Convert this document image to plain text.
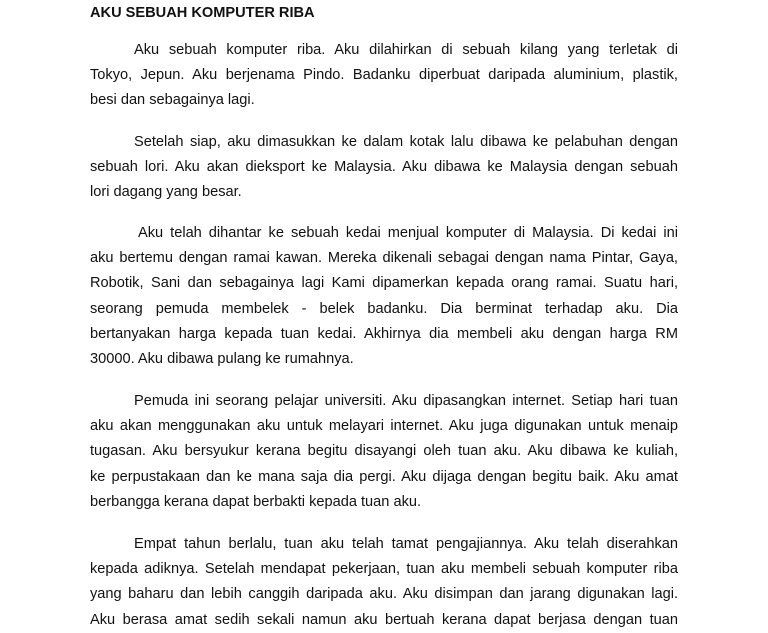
AKU SEBUAH KOMPUTER RIBA

Aku sebuah komputer riba. Aku dilahirkan di sebuah kilang yang terletak di
Tokyo, Jepun. Aku berjenama Pindo. Badanku diperbuat daripada aluminium, plastik,
besi dan sebagainya lagi.

Setelah siap, aku dimasukkan ke dalam kotak lalu dibawa ke pelabuhan dengan
sebuah lori. Aku akan dieksport ke Malaysia. Aku dibawa ke Malaysia dengan sebuah
lori dagang yang besar.

Aku telah dihantar ke sebuah kedai menjual komputer di Malaysia. Di kedai ini
aku bertemu dengan ramai kawan. Mereka dikenali sebagai dengan nama Pintar, Gaya,
Robotik, Sani dan sebagainya lagi Kami dipamerkan kepada orang ramai. Suatu hari,
seorang pemuda membelek - belek badanku. Dia berminat terhadap aku. Dia
bertanyakan harga kepada tuan kedai. Akhirnya dia membeli aku dengan harga RM
30000. Aku dibawa pulang ke rumahnya.

Pemuda ini seorang pelajar universiti. Aku dipasangkan internet. Setiap hari tuan
aku akan menggunakan aku untuk melayari internet. Aku juga digunakan untuk menaip
tugasan. Aku bersyukur kerana begitu disayangi oleh tuan aku. Aku dibawa ke kuliah,
ke perpustakaan dan ke mana saja dia pergi. Aku dijaga dengan begitu baik. Aku amat
berbangga kerana dapat berbakti kepada tuan aku.

Empat tahun berlalu, tuan aku telah tamat pengajiannya. Aku telah diserahkan
kepada adiknya. Setelah mendapat pekerjaan, tuan aku membeli sebuah komputer riba
yang baharu dan lebih canggih daripada aku. Aku disimpan dan jarang digunakan lagi.
Aku berasa amat sedih sekali namun aku bertuah kerana dapat berjasa dengan tuan
